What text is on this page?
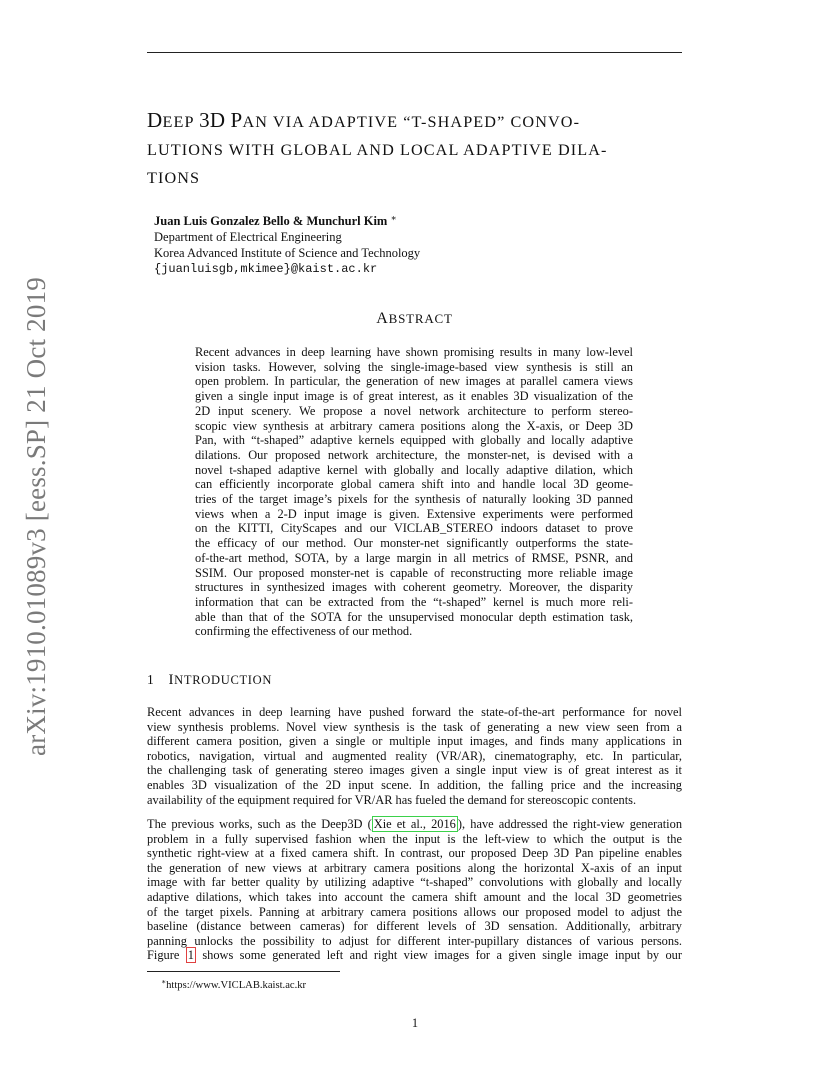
arXiv:1910.01089v3 [eess.SP] 21 Oct 2019
DEEP 3D PAN VIA ADAPTIVE “T-SHAPED” CONVO-
LUTIONS WITH GLOBAL AND LOCAL ADAPTIVE DILA-
TIONS
Juan Luis Gonzalez Bello & Munchurl Kim ∗
Department of Electrical Engineering
Korea Advanced Institute of Science and Technology
{juanluisgb,mkimee}@kaist.ac.kr
ABSTRACT
Recent advances in deep learning have shown promising results in many low-level
vision tasks. However, solving the single-image-based view synthesis is still an
open problem. In particular, the generation of new images at parallel camera views
given a single input image is of great interest, as it enables 3D visualization of the
2D input scenery. We propose a novel network architecture to perform stereo-
scopic view synthesis at arbitrary camera positions along the X-axis, or Deep 3D
Pan, with “t-shaped” adaptive kernels equipped with globally and locally adaptive
dilations. Our proposed network architecture, the monster-net, is devised with a
novel t-shaped adaptive kernel with globally and locally adaptive dilation, which
can efficiently incorporate global camera shift into and handle local 3D geome-
tries of the target image’s pixels for the synthesis of naturally looking 3D panned
views when a 2-D input image is given. Extensive experiments were performed
on the KITTI, CityScapes and our VICLAB_STEREO indoors dataset to prove
the efficacy of our method. Our monster-net significantly outperforms the state-
of-the-art method, SOTA, by a large margin in all metrics of RMSE, PSNR, and
SSIM. Our proposed monster-net is capable of reconstructing more reliable image
structures in synthesized images with coherent geometry. Moreover, the disparity
information that can be extracted from the “t-shaped” kernel is much more reli-
able than that of the SOTA for the unsupervised monocular depth estimation task,
confirming the effectiveness of our method.
1 INTRODUCTION
Recent advances in deep learning have pushed forward the state-of-the-art performance for novel
view synthesis problems. Novel view synthesis is the task of generating a new view seen from a
different camera position, given a single or multiple input images, and finds many applications in
robotics, navigation, virtual and augmented reality (VR/AR), cinematography, etc. In particular,
the challenging task of generating stereo images given a single input view is of great interest as it
enables 3D visualization of the 2D input scene. In addition, the falling price and the increasing
availability of the equipment required for VR/AR has fueled the demand for stereoscopic contents.
The previous works, such as the Deep3D ( Xie et al., 2016 ), have addressed the right-view generation
problem in a fully supervised fashion when the input is the left-view to which the output is the
synthetic right-view at a fixed camera shift. In contrast, our proposed Deep 3D Pan pipeline enables
the generation of new views at arbitrary camera positions along the horizontal X-axis of an input
image with far better quality by utilizing adaptive “t-shaped” convolutions with globally and locally
adaptive dilations, which takes into account the camera shift amount and the local 3D geometries
of the target pixels. Panning at arbitrary camera positions allows our proposed model to adjust the
baseline (distance between cameras) for different levels of 3D sensation. Additionally, arbitrary
panning unlocks the possibility to adjust for different inter-pupillary distances of various persons.
Figure 1 shows some generated left and right view images for a given single image input by our
∗https://www.VICLAB.kaist.ac.kr
1
